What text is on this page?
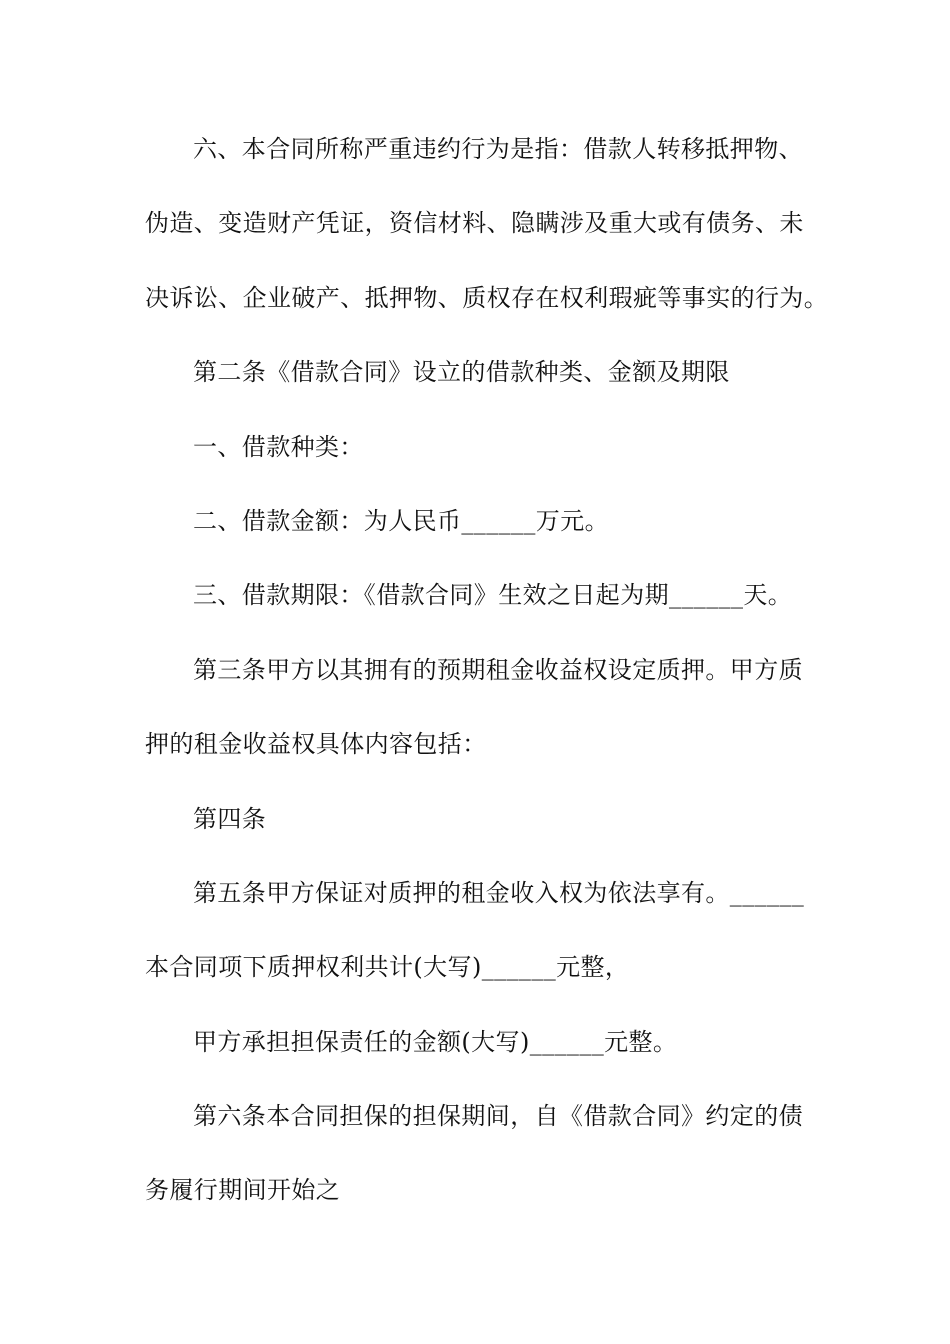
六、本合同所称严重违约行为是指：借款人转移抵押物、
伪造、变造财产凭证，资信材料、隐瞒涉及重大或有债务、未
决诉讼、企业破产、抵押物、质权存在权利瑕疵等事实的行为。
第二条《借款合同》设立的借款种类、金额及期限
一、借款种类：
二、借款金额：为人民币______万元。
三、借款期限：《借款合同》生效之日起为期______天。
第三条甲方以其拥有的预期租金收益权设定质押。甲方质
押的租金收益权具体内容包括：
第四条
第五条甲方保证对质押的租金收入权为依法享有。______
本合同项下质押权利共计(大写)______元整，
甲方承担担保责任的金额(大写)______元整。
第六条本合同担保的担保期间，自《借款合同》约定的债
务履行期间开始之
